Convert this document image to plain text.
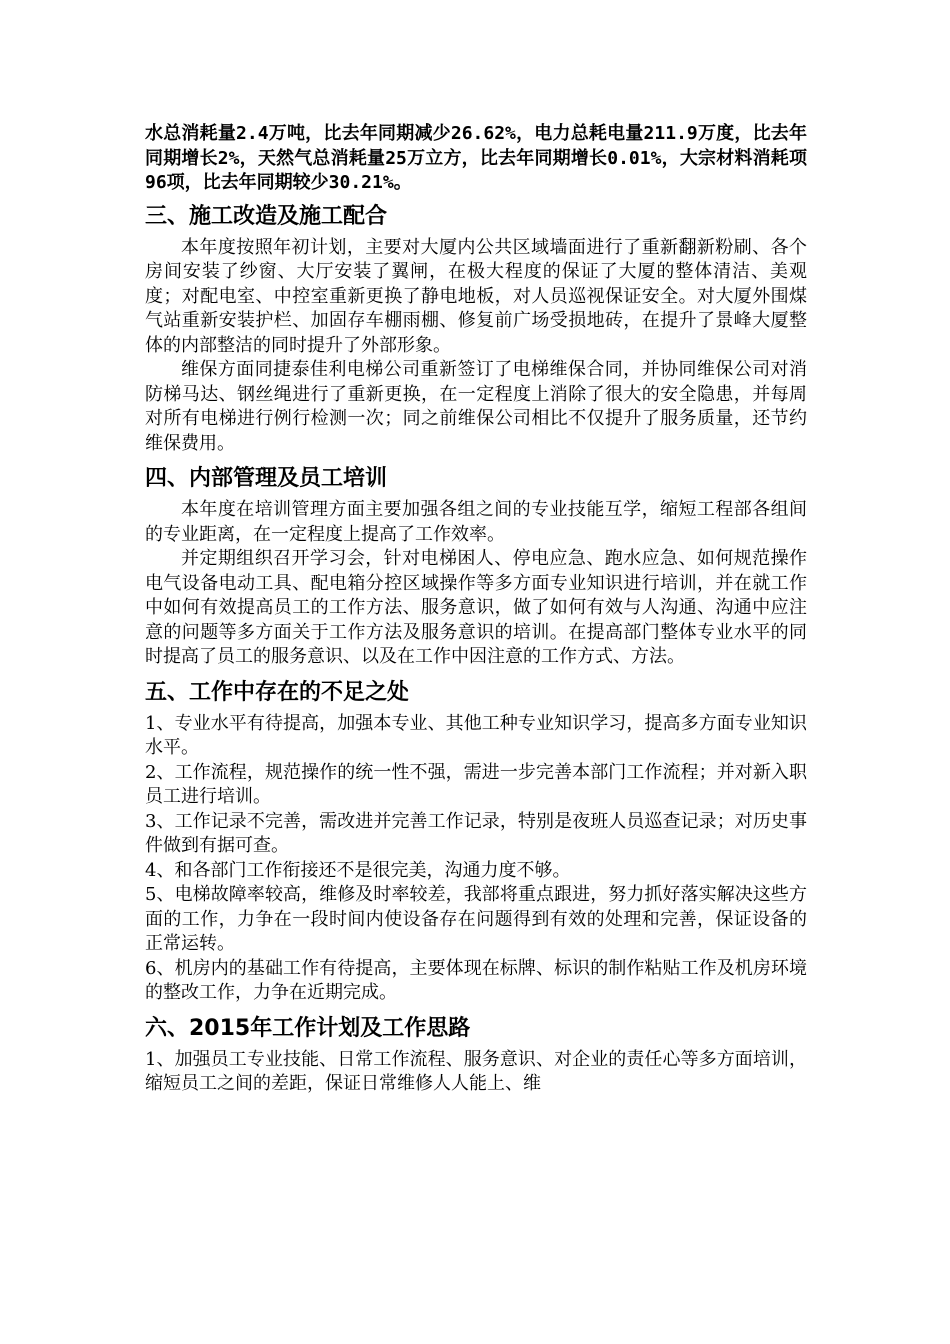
水总消耗量2.4万吨，比去年同期减少26.62%，电力总耗电量211.9万度，比去年同期增长2%，天然气总消耗量25万立方，比去年同期增长0.01%，大宗材料消耗项96项，比去年同期较少30.21%。

三、施工改造及施工配合

本年度按照年初计划，主要对大厦内公共区域墙面进行了重新翻新粉刷、各个房间安装了纱窗、大厅安装了翼闸，在极大程度的保证了大厦的整体清洁、美观度；对配电室、中控室重新更换了静电地板，对人员巡视保证安全。对大厦外围煤气站重新安装护栏、加固存车棚雨棚、修复前广场受损地砖，在提升了景峰大厦整体的内部整洁的同时提升了外部形象。

维保方面同捷泰佳利电梯公司重新签订了电梯维保合同，并协同维保公司对消防梯马达、钢丝绳进行了重新更换，在一定程度上消除了很大的安全隐患，并每周对所有电梯进行例行检测一次；同之前维保公司相比不仅提升了服务质量，还节约维保费用。

四、内部管理及员工培训

本年度在培训管理方面主要加强各组之间的专业技能互学，缩短工程部各组间的专业距离，在一定程度上提高了工作效率。

并定期组织召开学习会，针对电梯困人、停电应急、跑水应急、如何规范操作电气设备电动工具、配电箱分控区域操作等多方面专业知识进行培训，并在就工作中如何有效提高员工的工作方法、服务意识，做了如何有效与人沟通、沟通中应注意的问题等多方面关于工作方法及服务意识的培训。在提高部门整体专业水平的同时提高了员工的服务意识、以及在工作中因注意的工作方式、方法。

五、工作中存在的不足之处

1、专业水平有待提高，加强本专业、其他工种专业知识学习，提高多方面专业知识水平。

2、工作流程，规范操作的统一性不强，需进一步完善本部门工作流程；并对新入职员工进行培训。

3、工作记录不完善，需改进并完善工作记录，特别是夜班人员巡查记录；对历史事件做到有据可查。

4、和各部门工作衔接还不是很完美，沟通力度不够。

5、电梯故障率较高，维修及时率较差，我部将重点跟进，努力抓好落实解决这些方面的工作，力争在一段时间内使设备存在问题得到有效的处理和完善，保证设备的正常运转。

6、机房内的基础工作有待提高，主要体现在标牌、标识的制作粘贴工作及机房环境的整改工作，力争在近期完成。

六、2015年工作计划及工作思路

1、加强员工专业技能、日常工作流程、服务意识、对企业的责任心等多方面培训，缩短员工之间的差距，保证日常维修人人能上、维
